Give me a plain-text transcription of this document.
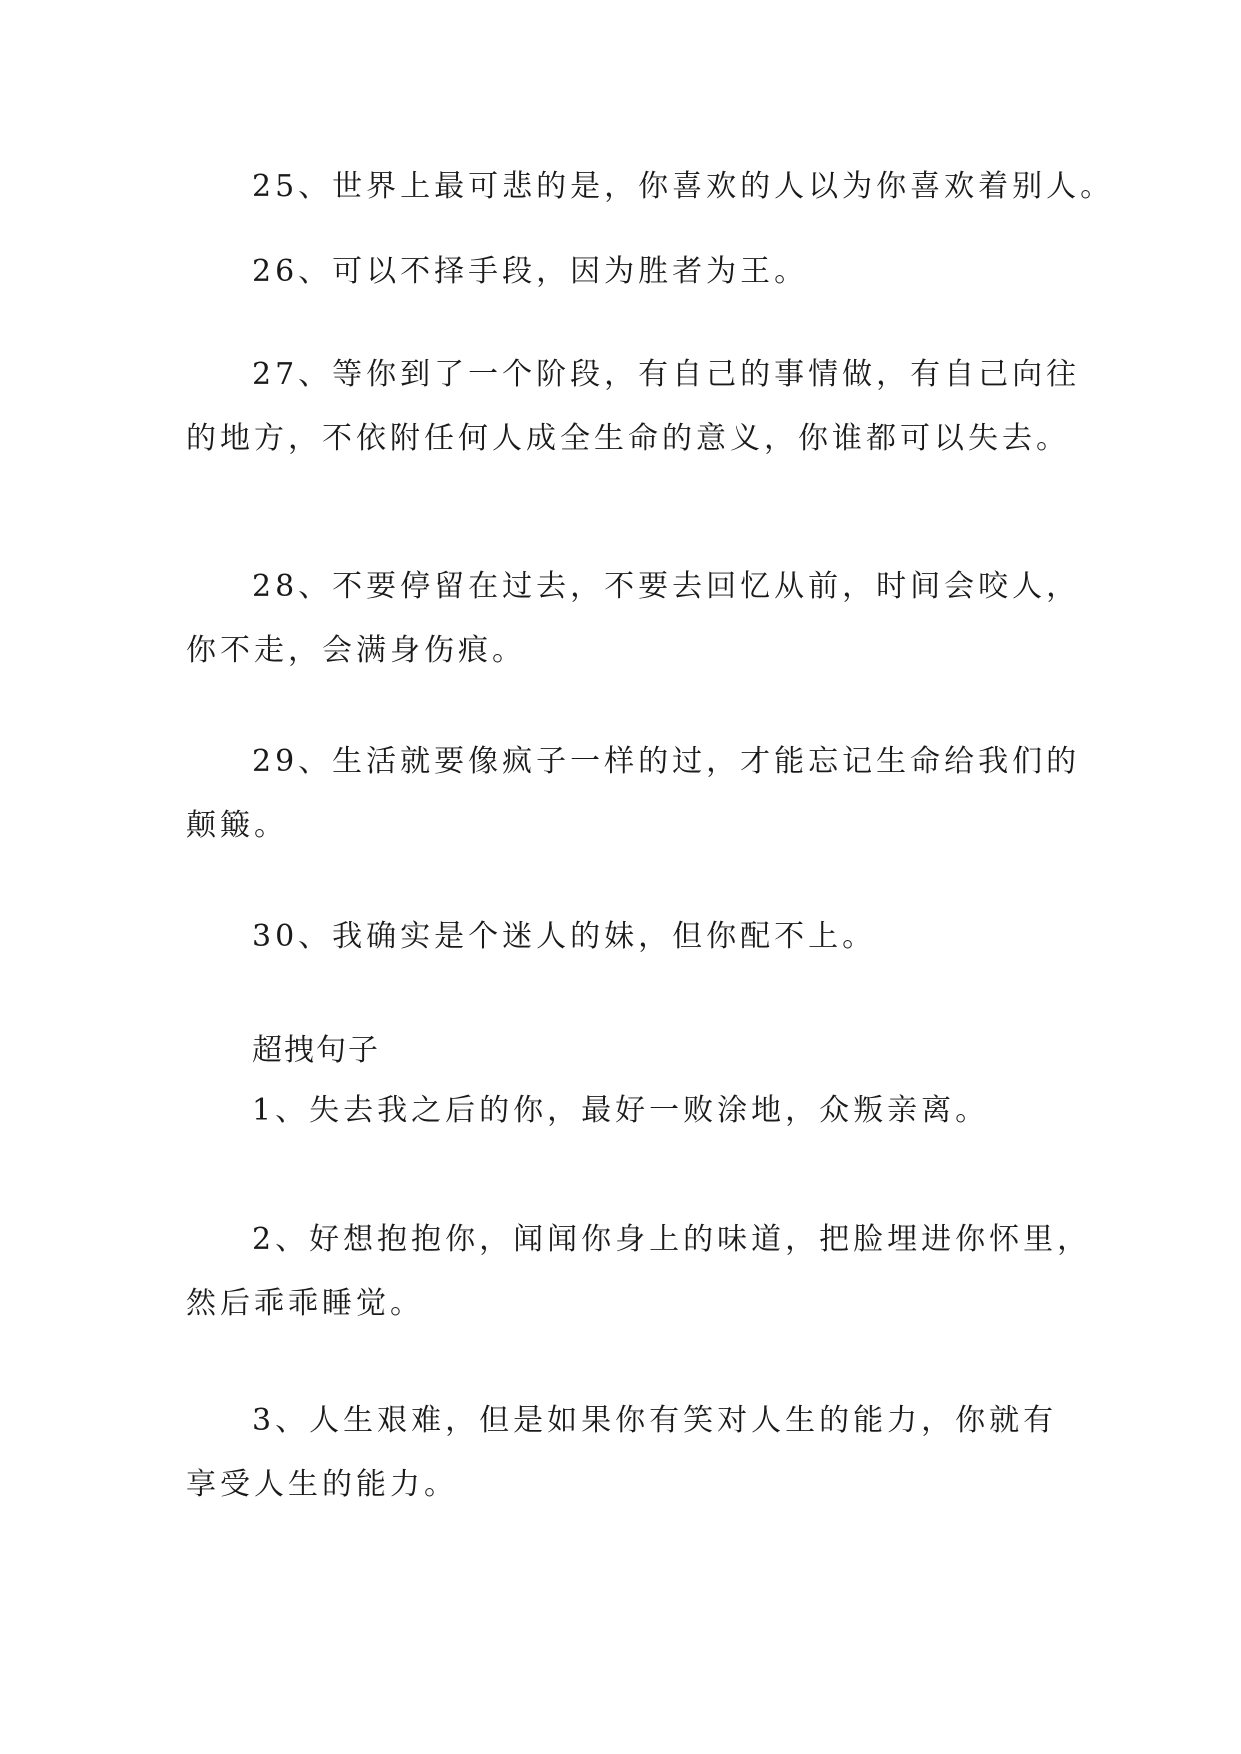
25、世界上最可悲的是，你喜欢的人以为你喜欢着别人。

26、可以不择手段，因为胜者为王。

27、等你到了一个阶段，有自己的事情做，有自己向往
的地方，不依附任何人成全生命的意义，你谁都可以失去。

28、不要停留在过去，不要去回忆从前，时间会咬人，
你不走，会满身伤痕。

29、生活就要像疯子一样的过，才能忘记生命给我们的
颠簸。

30、我确实是个迷人的妹，但你配不上。

超拽句子

1、失去我之后的你，最好一败涂地，众叛亲离。

2、好想抱抱你，闻闻你身上的味道，把脸埋进你怀里，
然后乖乖睡觉。

3、人生艰难，但是如果你有笑对人生的能力，你就有
享受人生的能力。
